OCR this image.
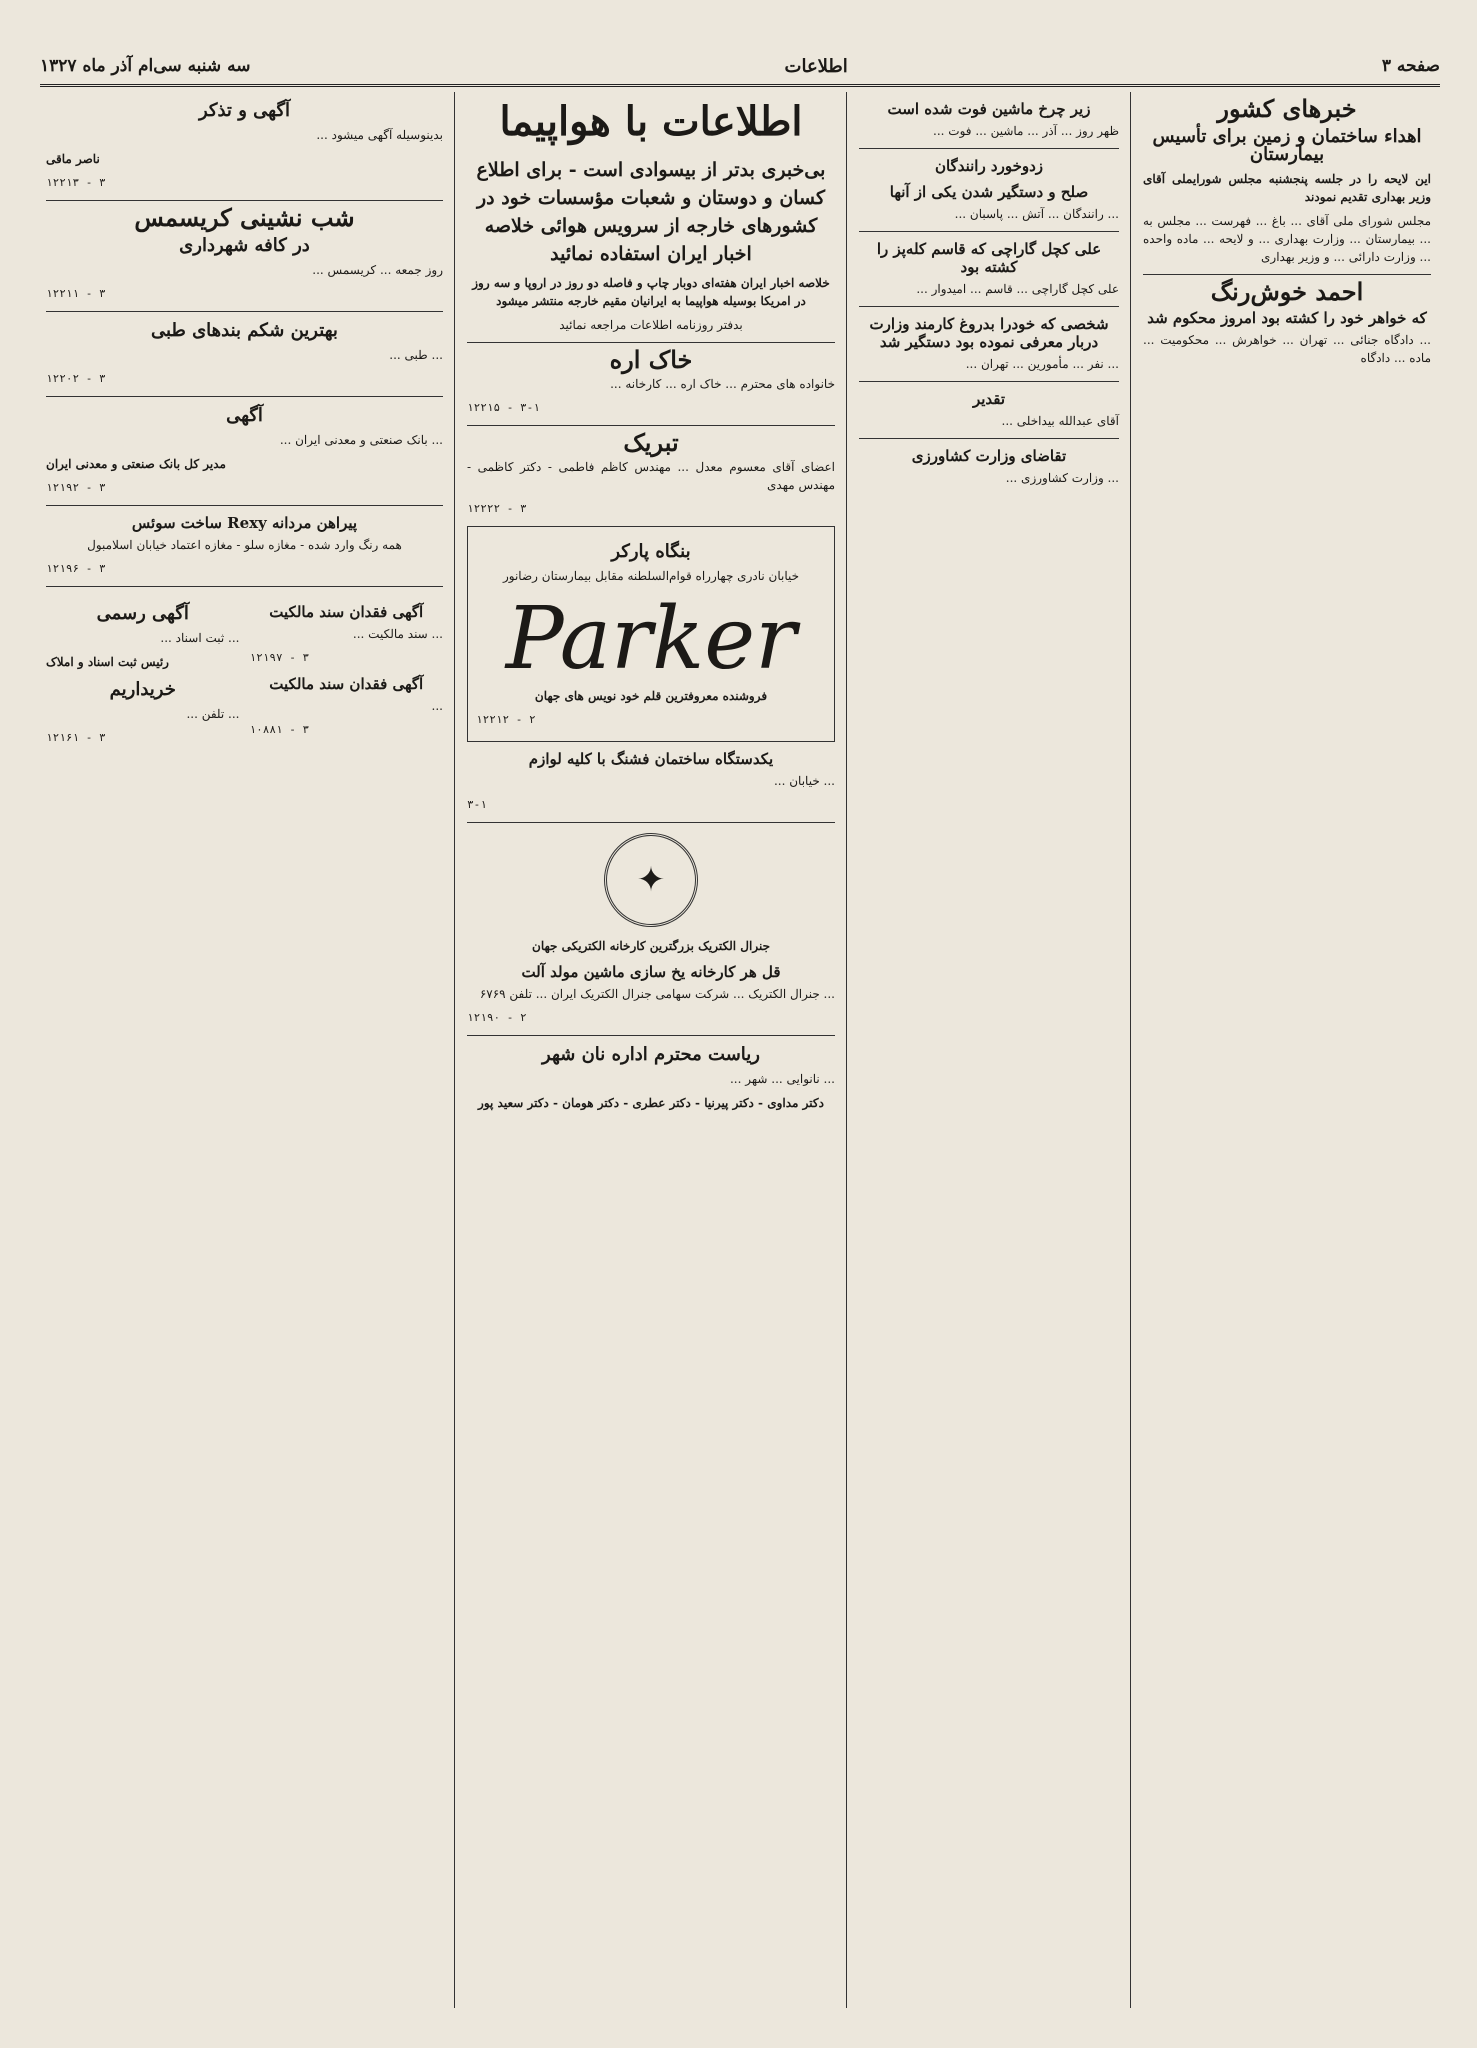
صفحه ۳
اطلاعات
سه شنبه سی‌ام آذر ماه ۱۳۲۷
خبرهای کشور
اهداء ساختمان و زمین برای تأسیس بیمارستان

این لایحه را در جلسه پنجشنبه مجلس شورایملی آقای وزیر بهداری تقدیم نمودند

مجلس شورای ملی آقای ... باغ ... فهرست ... مجلس به ... بیمارستان ... وزارت بهداری ... و لایحه ... ماده واحده ... وزارت دارائی ... و وزیر بهداری

احمد خوش‌رنگ
که خواهر خود را کشته بود امروز محکوم شد

... دادگاه جنائی ... تهران ... خواهرش ... محکومیت ... ماده ... دادگاه

زیر چرخ ماشین فوت شده است

ظهر روز ... آذر ... ماشین ... فوت ...

زدوخورد رانندگان
صلح و دستگیر شدن یکی از آنها

... رانندگان ... آتش ... پاسبان ...

علی کچل گاراچی که قاسم کله‌پز را کشته بود

علی کچل گاراچی ... قاسم ... امیدوار ...

شخصی که خودرا بدروغ کارمند وزارت دربار معرفی نموده بود دستگیر شد

... نفر ... مأمورین ... تهران ...

تقدیر

آقای عبدالله‌ بیداخلی ...

تقاضای وزارت کشاورزی

... وزارت کشاورزی ...

اطلاعات با هواپیما

بی‌خبری بدتر از بیسوادی است - برای اطلاع کسان و دوستان و شعبات مؤسسات خود در کشورهای خارجه از سرویس هوائی خلاصه اخبار ایران استفاده نمائید

خلاصه اخبار ایران هفته‌ای دوبار چاپ و فاصله دو روز در اروپا و سه روز در امریکا بوسیله هواپیما به ایرانیان مقیم خارجه منتشر میشود

بدفتر روزنامه اطلاعات مراجعه نمائید

خاک اره

خانواده های محترم ... خاک اره ... کارخانه ...

۱۲۲۱۵ - ۳-۱

تبریک

اعضای آقای معسوم معدل ... مهندس کاظم فاطمی - دکتر کاظمی - مهندس مهدی

۱۲۲۲۲ - ۳

بنگاه پارکر

خیابان نادری چهارراه قوام‌السلطنه مقابل بیمارستان رضانور

Parker

فروشنده معروفترین قلم خود نویس های جهان

۱۲۲۱۲ - ۲

یکدستگاه ساختمان فشنگ با کلیه لوازم

... خیابان ...

۳-۱

✦

جنرال الکتریک بزرگترین کارخانه الکتریکی جهان

قل هر کارخانه یخ سازی ماشین مولد آلت

... جنرال الکتریک ... شرکت سهامی جنرال الکتریک ایران ... تلفن ۶۷۶۹

۱۲۱۹۰ - ۲

ریاست محترم اداره نان شهر

... نانوایی ... شهر ...

دکتر مداوی - دکتر پیرنیا - دکتر عطری - دکتر هومان - دکتر سعید پور

آگهی و تذکر

بدینوسیله آگهی میشود ...

ناصر ماقی

۱۲۲۱۳ - ۳

شب نشینی کریسمس
در کافه شهرداری

روز جمعه ... کریسمس ...

۱۲۲۱۱ - ۳

بهترین شکم بندهای طبی

... طبی ...

۱۲۲۰۲ - ۳

آگهی

... بانک صنعتی و معدنی ایران ...

مدیر کل بانک صنعتی و معدنی ایران

۱۲۱۹۲ - ۳

پیراهن مردانه Rexy ساخت سوئس

همه رنگ وارد شده - مغازه سلو - مغازه اعتماد خیابان اسلامبول

۱۲۱۹۶ - ۳

آگهی فقدان سند مالکیت

... سند مالکیت ...

۱۲۱۹۷ - ۳

آگهی فقدان سند مالکیت

...

۱۰۸۸۱ - ۳

آگهی رسمی

... ثبت اسناد ...

رئیس ثبت اسناد و املاک

خریداریم

... تلفن ...

۱۲۱۶۱ - ۳
